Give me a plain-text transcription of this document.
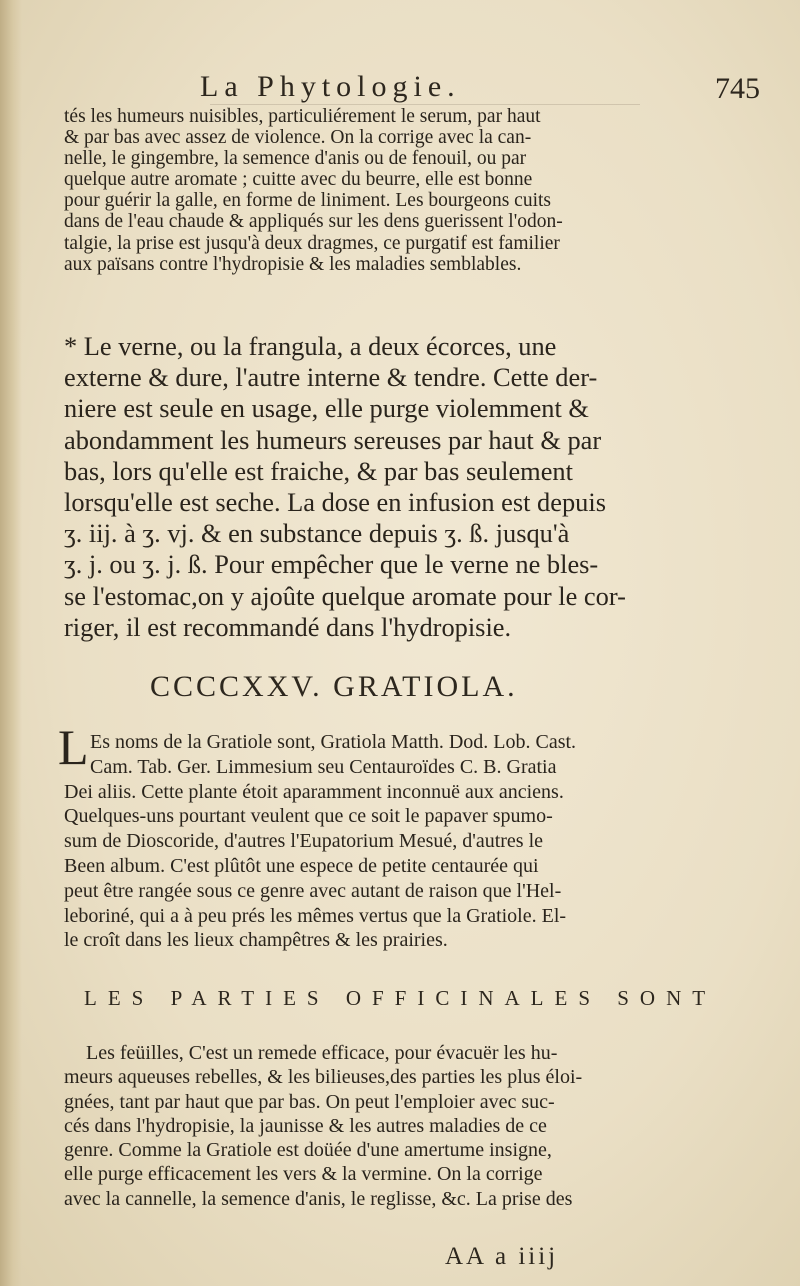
La Phytologie.	745
tés les humeurs nuisibles, particuliérement le serum, par haut
& par bas avec assez de violence. On la corrige avec la can-
nelle, le gingembre, la semence d'anis ou de fenouil, ou par
quelque autre aromate ; cuitte avec du beurre, elle est bonne
pour guérir la galle, en forme de liniment. Les bourgeons cuits
dans de l'eau chaude & appliqués sur les dens guerissent l'odon-
talgie, la prise est jusqu'à deux dragmes, ce purgatif est familier
aux païsans contre l'hydropisie & les maladies semblables.
* Le verne, ou la frangula, a deux écorces, une
externe & dure, l'autre interne & tendre. Cette der-
niere est seule en usage, elle purge violemment &
abondamment les humeurs sereuses par haut & par
bas, lors qu'elle est fraiche, & par bas seulement
lorsqu'elle est seche. La dose en infusion est depuis
ʒ. iij. à ʒ. vj. & en substance depuis ʒ. ß. jusqu'à
ʒ. j. ou ʒ. j. ß. Pour empêcher que le verne ne bles-
se l'estomac,on y ajoûte quelque aromate pour le cor-
riger, il est recommandé dans l'hydropisie.
CCCCXXV. GRATIOLA.
L Es noms de la Gratiole sont, Gratiola Matth. Dod. Lob. Cast.
Cam. Tab. Ger. Limmesium seu Centauroïdes C. B. Gratia
Dei aliis. Cette plante étoit aparamment inconnuë aux anciens.
Quelques-uns pourtant veulent que ce soit le papaver spumo-
sum de Dioscoride, d'autres l'Eupatorium Mesué, d'autres le
Been album. C'est plûtôt une espece de petite centaurée qui
peut être rangée sous ce genre avec autant de raison que l'Hel-
leboriné, qui a à peu prés les mêmes vertus que la Gratiole. El-
le croît dans les lieux champêtres & les prairies.
LES PARTIES OFFICINALES SONT
Les feüilles, C'est un remede efficace, pour évacuër les hu-
meurs aqueuses rebelles, & les bilieuses,des parties les plus éloi-
gnées, tant par haut que par bas. On peut l'emploier avec suc-
cés dans l'hydropisie, la jaunisse & les autres maladies de ce
genre. Comme la Gratiole est doüée d'une amertume insigne,
elle purge efficacement les vers & la vermine. On la corrige
avec la cannelle, la semence d'anis, le reglisse, &c. La prise des
AA a iiij
